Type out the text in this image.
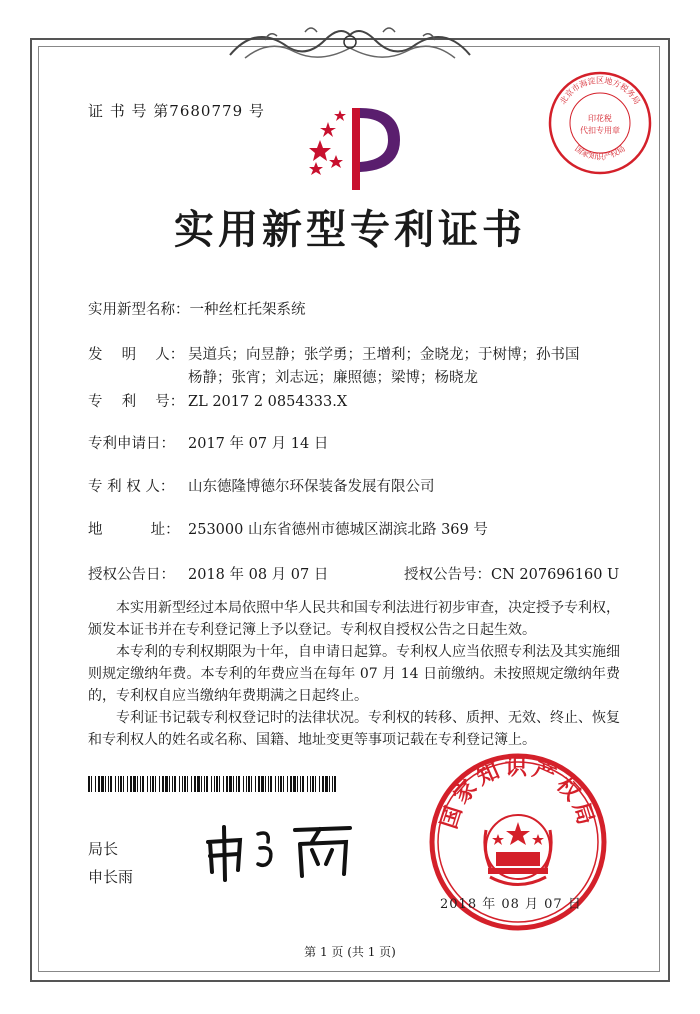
证 书 号 第7680779 号
北京市海淀区地方税务局
印花税
代扣专用章
国家知识产权局
实用新型专利证书
实用新型名称：一种丝杠托架系统
发　 明　 人： 吴道兵；向昱静；张学勇；王增利；金晓龙；于树博；孙书国
杨静；张宵；刘志远；廉照德；梁博；杨晓龙
专　 利　 号： ZL 2017 2 0854333.X
专利申请日： 2017 年 07 月 14 日
专 利 权 人： 山东德隆博德尔环保装备发展有限公司
地　　　 址： 253000 山东省德州市德城区湖滨北路 369 号
授权公告日： 2018 年 08 月 07 日	授权公告号：CN 207696160 U
本实用新型经过本局依照中华人民共和国专利法进行初步审查，决定授予专利权，颁发本证书并在专利登记簿上予以登记。专利权自授权公告之日起生效。
本专利的专利权期限为十年，自申请日起算。专利权人应当依照专利法及其实施细则规定缴纳年费。本专利的年费应当在每年 07 月 14 日前缴纳。未按照规定缴纳年费的，专利权自应当缴纳年费期满之日起终止。
专利证书记载专利权登记时的法律状况。专利权的转移、质押、无效、终止、恢复和专利权人的姓名或名称、国籍、地址变更等事项记载在专利登记簿上。
局长
申长雨
国家知识产权局
2018 年 08 月 07 日
第 1 页 (共 1 页)
